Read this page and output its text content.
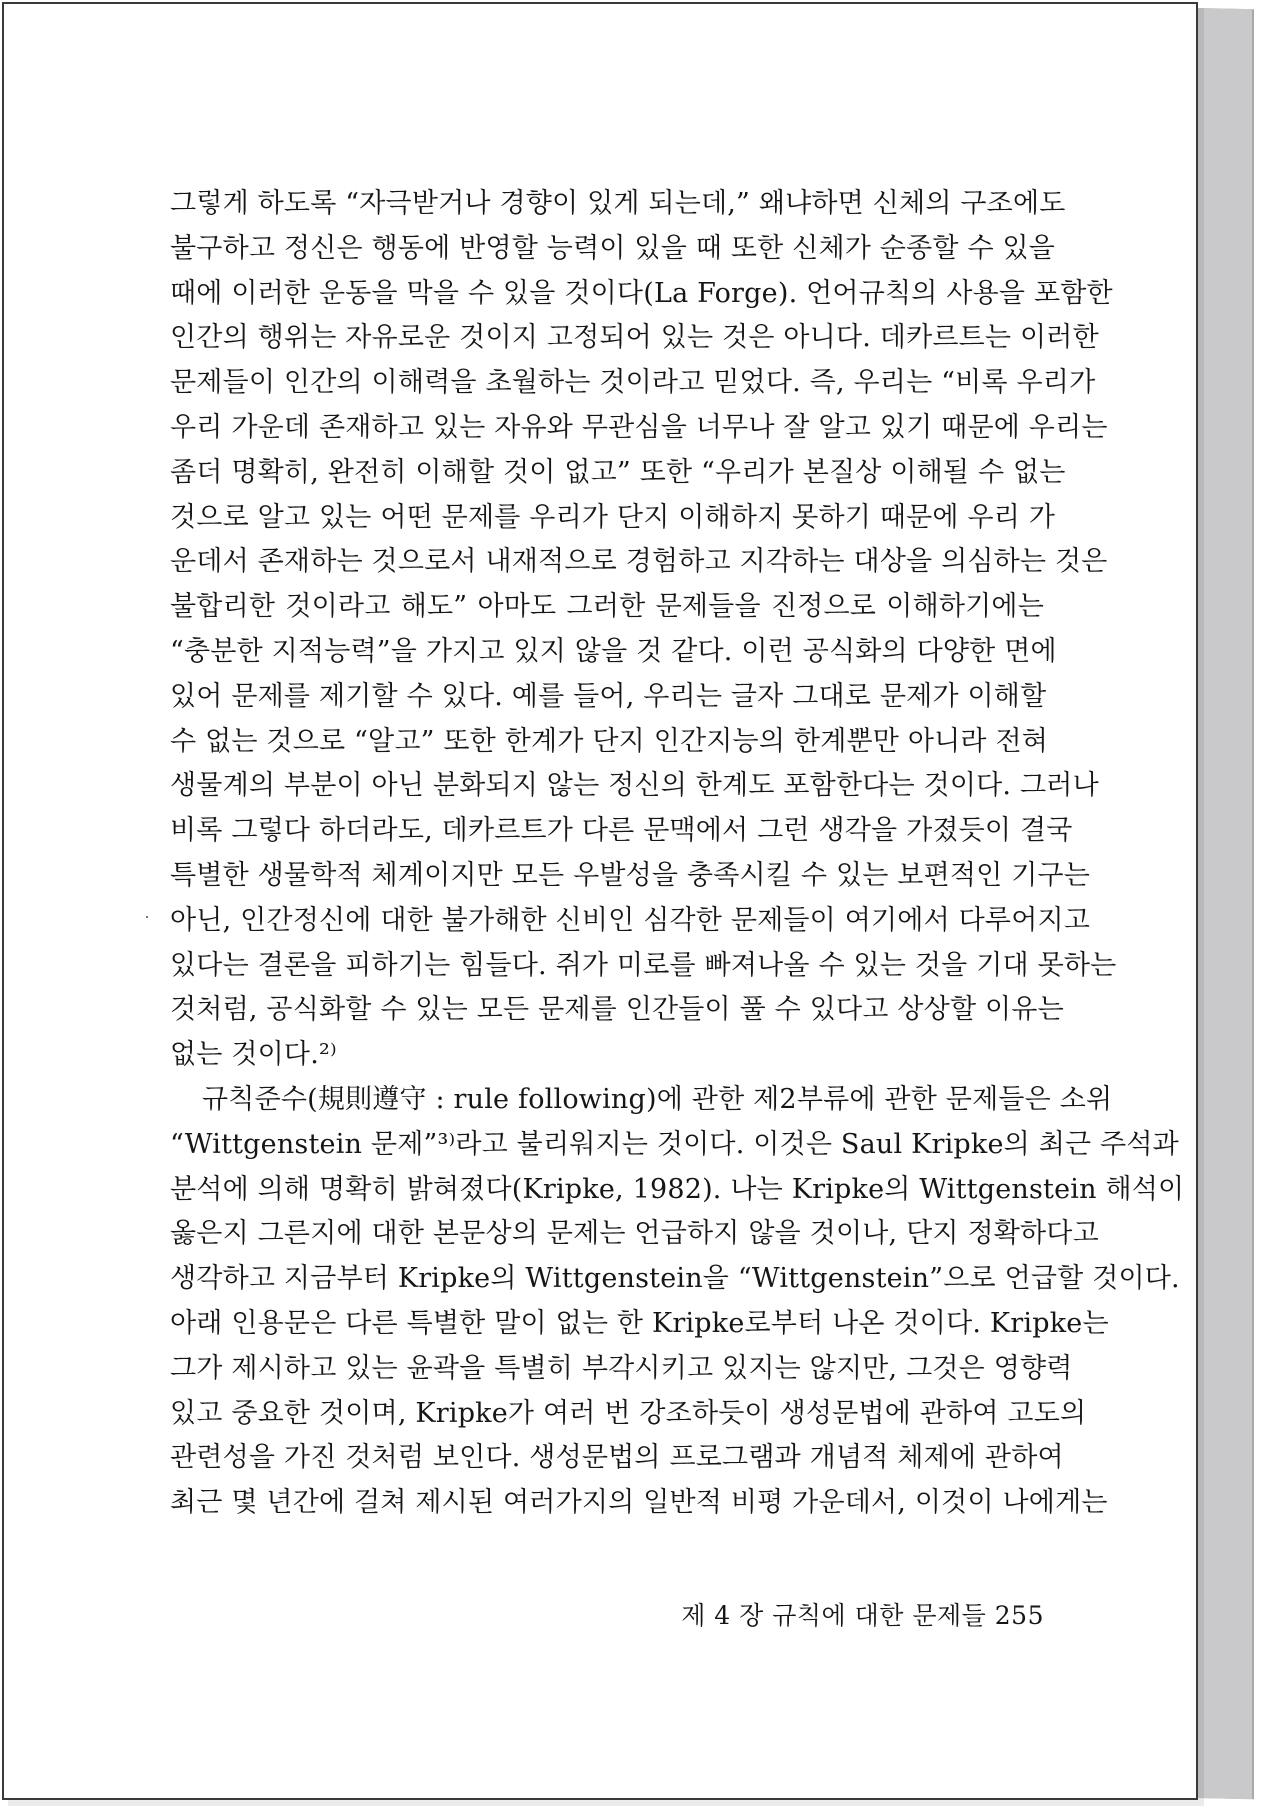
그렇게 하도록 “자극받거나 경향이 있게 되는데,” 왜냐하면 신체의 구조에도
불구하고 정신은 행동에 반영할 능력이 있을 때 또한 신체가 순종할 수 있을
때에 이러한 운동을 막을 수 있을 것이다(La Forge). 언어규칙의 사용을 포함한
인간의 행위는 자유로운 것이지 고정되어 있는 것은 아니다. 데카르트는 이러한
문제들이 인간의 이해력을 초월하는 것이라고 믿었다. 즉, 우리는 “비록 우리가
우리 가운데 존재하고 있는 자유와 무관심을 너무나 잘 알고 있기 때문에 우리는
좀더 명확히, 완전히 이해할 것이 없고” 또한 “우리가 본질상 이해될 수 없는
것으로 알고 있는 어떤 문제를 우리가 단지 이해하지 못하기 때문에 우리 가
운데서 존재하는 것으로서 내재적으로 경험하고 지각하는 대상을 의심하는 것은
불합리한 것이라고 해도” 아마도 그러한 문제들을 진정으로 이해하기에는
“충분한 지적능력”을 가지고 있지 않을 것 같다. 이런 공식화의 다양한 면에
있어 문제를 제기할 수 있다. 예를 들어, 우리는 글자 그대로 문제가 이해할
수 없는 것으로 “알고” 또한 한계가 단지 인간지능의 한계뿐만 아니라 전혀
생물계의 부분이 아닌 분화되지 않는 정신의 한계도 포함한다는 것이다. 그러나
비록 그렇다 하더라도, 데카르트가 다른 문맥에서 그런 생각을 가졌듯이 결국
특별한 생물학적 체계이지만 모든 우발성을 충족시킬 수 있는 보편적인 기구는
아닌, 인간정신에 대한 불가해한 신비인 심각한 문제들이 여기에서 다루어지고
있다는 결론을 피하기는 힘들다. 쥐가 미로를 빠져나올 수 있는 것을 기대 못하는
것처럼, 공식화할 수 있는 모든 문제를 인간들이 풀 수 있다고 상상할 이유는
없는 것이다.²⁾
규칙준수(規則遵守 : rule following)에 관한 제2부류에 관한 문제들은 소위
“Wittgenstein 문제”³⁾라고 불리워지는 것이다. 이것은 Saul Kripke의 최근 주석과
분석에 의해 명확히 밝혀졌다(Kripke, 1982). 나는 Kripke의 Wittgenstein 해석이
옳은지 그른지에 대한 본문상의 문제는 언급하지 않을 것이나, 단지 정확하다고
생각하고 지금부터 Kripke의 Wittgenstein을 “Wittgenstein”으로 언급할 것이다.
아래 인용문은 다른 특별한 말이 없는 한 Kripke로부터 나온 것이다. Kripke는
그가 제시하고 있는 윤곽을 특별히 부각시키고 있지는 않지만, 그것은 영향력
있고 중요한 것이며, Kripke가 여러 번 강조하듯이 생성문법에 관하여 고도의
관련성을 가진 것처럼 보인다. 생성문법의 프로그램과 개념적 체제에 관하여
최근 몇 년간에 걸쳐 제시된 여러가지의 일반적 비평 가운데서, 이것이 나에게는
제 4 장 규칙에 대한 문제들 255
